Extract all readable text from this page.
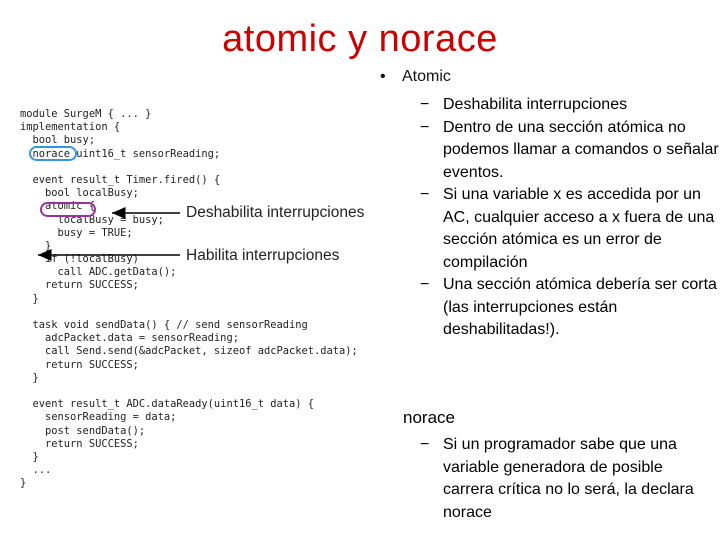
atomic y norace
module SurgeM { ... }
implementation {
bool busy;
norace uint16_t sensorReading;
event result_t Timer.fired() {
bool localBusy;
atomic {
localBusy = busy;
busy = TRUE;
}
if (!localBusy)
call ADC.getData();
return SUCCESS;
}
task void sendData() { // send sensorReading
adcPacket.data = sensorReading;
call Send.send(&adcPacket, sizeof adcPacket.data);
return SUCCESS;
}
event result_t ADC.dataReady(uint16_t data) {
sensorReading = data;
post sendData();
return SUCCESS;
}
...
}
Deshabilita interrupciones
Habilita interrupciones
• Atomic
− Deshabilita interrupciones
− Dentro de una sección atómica no podemos llamar a comandos o señalar eventos.
− Si una variable x es accedida por un AC, cualquier acceso a x fuera de una sección atómica es un error de compilación
− Una sección atómica debería ser corta (las interrupciones están deshabilitadas!).
norace
− Si un programador sabe que una variable generadora de posible carrera crítica no lo será, la declara norace
